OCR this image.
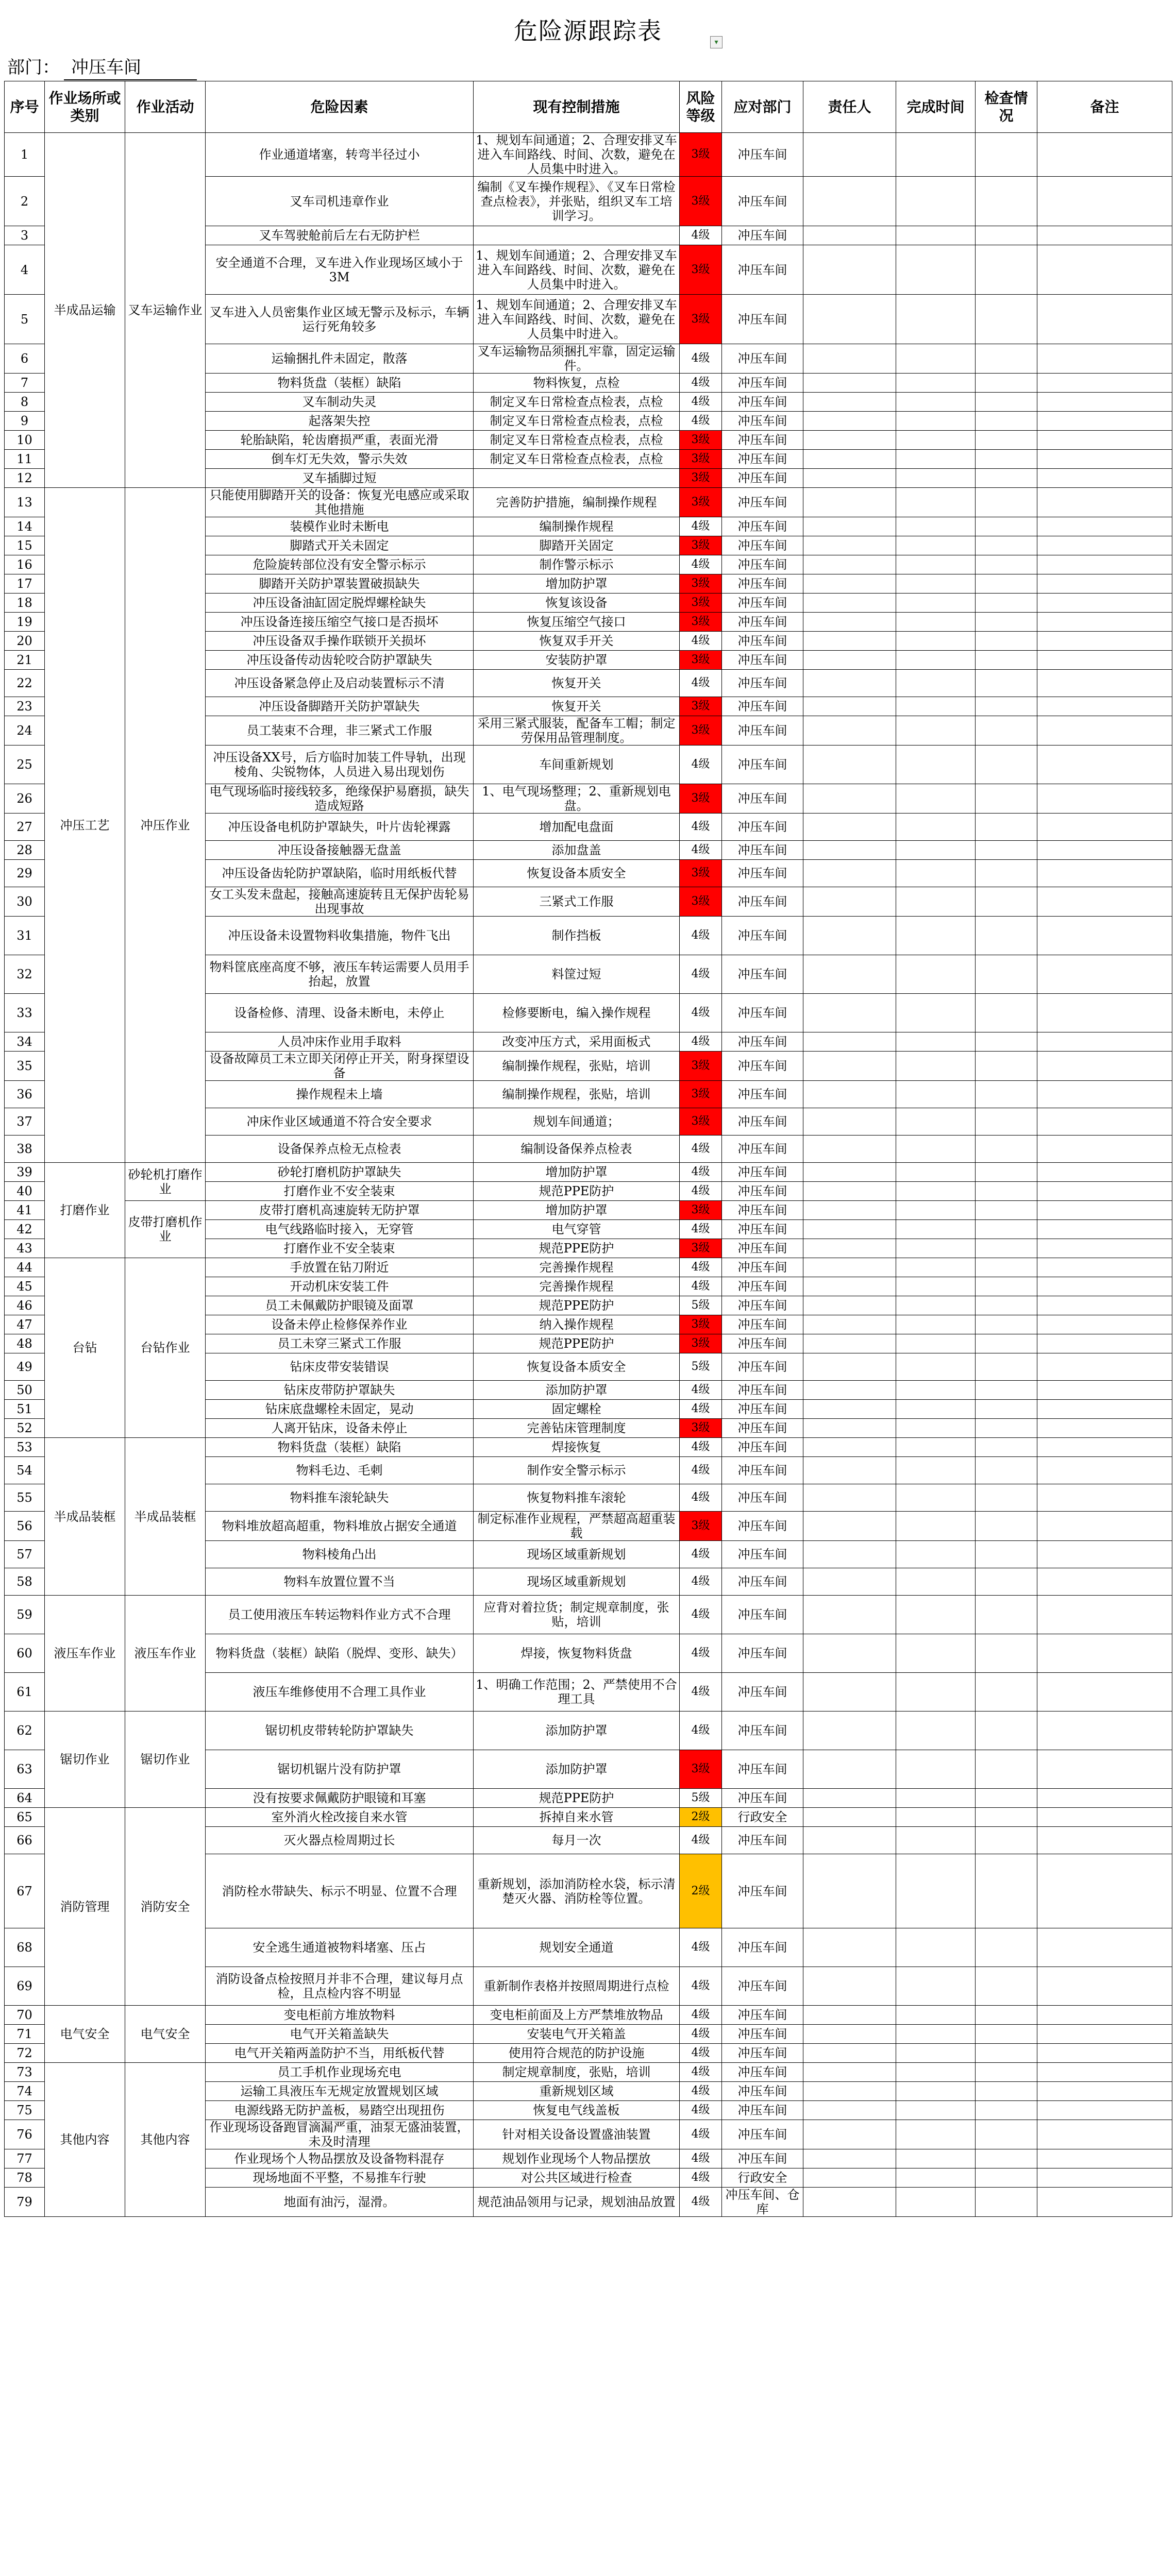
危险源跟踪表	▾
部门： 冲压车间
序号	作业场所或类别	作业活动	危险因素	现有控制措施	风险等级	应对部门	责任人	完成时间	检查情况	备注
1	半成品运输	叉车运输作业	作业通道堵塞，转弯半径过小	1、规划车间通道；2、合理安排叉车进入车间路线、时间、次数，避免在人员集中时进入。	3级	冲压车间				
2			叉车司机违章作业	编制《叉车操作规程》、《叉车日常检查点检表》，并张贴，组织叉车工培训学习。	3级	冲压车间				
3			叉车驾驶舱前后左右无防护栏		4级	冲压车间				
4			安全通道不合理，叉车进入作业现场区域小于3M	1、规划车间通道；2、合理安排叉车进入车间路线、时间、次数，避免在人员集中时进入。	3级	冲压车间				
5			叉车进入人员密集作业区域无警示及标示，车辆运行死角较多	1、规划车间通道；2、合理安排叉车进入车间路线、时间、次数，避免在人员集中时进入。	3级	冲压车间				
6			运输捆扎件未固定，散落	叉车运输物品须捆扎牢靠，固定运输件。	4级	冲压车间				
7			物料货盘（装框）缺陷	物料恢复，点检	4级	冲压车间				
8			叉车制动失灵	制定叉车日常检查点检表，点检	4级	冲压车间				
9			起落架失控	制定叉车日常检查点检表，点检	4级	冲压车间				
10			轮胎缺陷，轮齿磨损严重，表面光滑	制定叉车日常检查点检表，点检	3级	冲压车间				
11			倒车灯无失效，警示失效	制定叉车日常检查点检表，点检	3级	冲压车间				
12			叉车插脚过短		3级	冲压车间				
13	冲压工艺	冲压作业	只能使用脚踏开关的设备：恢复光电感应或采取其他措施	完善防护措施，编制操作规程	3级	冲压车间				
14			装模作业时未断电	编制操作规程	4级	冲压车间				
15			脚踏式开关未固定	脚踏开关固定	3级	冲压车间				
16			危险旋转部位没有安全警示标示	制作警示标示	4级	冲压车间				
17			脚踏开关防护罩装置破损缺失	增加防护罩	3级	冲压车间				
18			冲压设备油缸固定脱焊螺栓缺失	恢复该设备	3级	冲压车间				
19			冲压设备连接压缩空气接口是否损坏	恢复压缩空气接口	3级	冲压车间				
20			冲压设备双手操作联锁开关损坏	恢复双手开关	4级	冲压车间				
21			冲压设备传动齿轮咬合防护罩缺失	安装防护罩	3级	冲压车间				
22			冲压设备紧急停止及启动装置标示不清	恢复开关	4级	冲压车间				
23			冲压设备脚踏开关防护罩缺失	恢复开关	3级	冲压车间				
24			员工装束不合理，非三紧式工作服	采用三紧式服装，配备车工帽；制定劳保用品管理制度。	3级	冲压车间				
25			冲压设备XX号，后方临时加装工件导轨，出现棱角、尖锐物体，人员进入易出现划伤	车间重新规划	4级	冲压车间				
26			电气现场临时接线较多，绝缘保护易磨损，缺失造成短路	1、电气现场整理；2、重新规划电盘。	3级	冲压车间				
27			冲压设备电机防护罩缺失，叶片齿轮裸露	增加配电盘面	4级	冲压车间				
28			冲压设备接触器无盘盖	添加盘盖	4级	冲压车间				
29			冲压设备齿轮防护罩缺陷，临时用纸板代替	恢复设备本质安全	3级	冲压车间				
30			女工头发未盘起，接触高速旋转且无保护齿轮易出现事故	三紧式工作服	3级	冲压车间				
31			冲压设备未设置物料收集措施，物件飞出	制作挡板	4级	冲压车间				
32			物料筐底座高度不够，液压车转运需要人员用手抬起，放置	料筐过短	4级	冲压车间				
33			设备检修、清理、设备未断电，未停止	检修要断电，编入操作规程	4级	冲压车间				
34			人员冲床作业用手取料	改变冲压方式，采用面板式	4级	冲压车间				
35			设备故障员工未立即关闭停止开关，附身探望设备	编制操作规程，张贴，培训	3级	冲压车间				
36			操作规程未上墙	编制操作规程，张贴，培训	3级	冲压车间				
37			冲床作业区域通道不符合安全要求	规划车间通道；	3级	冲压车间				
38			设备保养点检无点检表	编制设备保养点检表	4级	冲压车间				
39	打磨作业	砂轮机打磨作业	砂轮打磨机防护罩缺失	增加防护罩	4级	冲压车间				
40			打磨作业不安全装束	规范PPE防护	4级	冲压车间				
41		皮带打磨机作业	皮带打磨机高速旋转无防护罩	增加防护罩	3级	冲压车间				
42			电气线路临时接入，无穿管	电气穿管	4级	冲压车间				
43			打磨作业不安全装束	规范PPE防护	3级	冲压车间				
44	台钻	台钻作业	手放置在钻刀附近	完善操作规程	4级	冲压车间				
45			开动机床安装工件	完善操作规程	4级	冲压车间				
46			员工未佩戴防护眼镜及面罩	规范PPE防护	5级	冲压车间				
47			设备未停止检修保养作业	纳入操作规程	3级	冲压车间				
48			员工未穿三紧式工作服	规范PPE防护	3级	冲压车间				
49			钻床皮带安装错误	恢复设备本质安全	5级	冲压车间				
50			钻床皮带防护罩缺失	添加防护罩	4级	冲压车间				
51			钻床底盘螺栓未固定，晃动	固定螺栓	4级	冲压车间				
52			人离开钻床，设备未停止	完善钻床管理制度	3级	冲压车间				
53	半成品装框	半成品装框	物料货盘（装框）缺陷	焊接恢复	4级	冲压车间				
54			物料毛边、毛刺	制作安全警示标示	4级	冲压车间				
55			物料推车滚轮缺失	恢复物料推车滚轮	4级	冲压车间				
56			物料堆放超高超重，物料堆放占据安全通道	制定标准作业规程，严禁超高超重装载	3级	冲压车间				
57			物料棱角凸出	现场区域重新规划	4级	冲压车间				
58			物料车放置位置不当	现场区域重新规划	4级	冲压车间				
59	液压车作业	液压车作业	员工使用液压车转运物料作业方式不合理	应背对着拉货；制定规章制度，张贴，培训	4级	冲压车间				
60			物料货盘（装框）缺陷（脱焊、变形、缺失）	焊接，恢复物料货盘	4级	冲压车间				
61			液压车维修使用不合理工具作业	1、明确工作范围；2、严禁使用不合理工具	4级	冲压车间				
62	锯切作业	锯切作业	锯切机皮带转轮防护罩缺失	添加防护罩	4级	冲压车间				
63			锯切机锯片没有防护罩	添加防护罩	3级	冲压车间				
64			没有按要求佩戴防护眼镜和耳塞	规范PPE防护	5级	冲压车间				
65	消防管理	消防安全	室外消火栓改接自来水管	拆掉自来水管	2级	行政安全				
66			灭火器点检周期过长	每月一次	4级	冲压车间				
67			消防栓水带缺失、标示不明显、位置不合理	重新规划，添加消防栓水袋，标示清楚灭火器、消防栓等位置。	2级	冲压车间				
68			安全逃生通道被物料堵塞、压占	规划安全通道	4级	冲压车间				
69			消防设备点检按照月并非不合理，建议每月点检，且点检内容不明显	重新制作表格并按照周期进行点检	4级	冲压车间				
70	电气安全	电气安全	变电柜前方堆放物料	变电柜前面及上方严禁堆放物品	4级	冲压车间				
71			电气开关箱盖缺失	安装电气开关箱盖	4级	冲压车间				
72			电气开关箱两盖防护不当，用纸板代替	使用符合规范的防护设施	4级	冲压车间				
73	其他内容	其他内容	员工手机作业现场充电	制定规章制度，张贴，培训	4级	冲压车间				
74			运输工具液压车无规定放置规划区域	重新规划区域	4级	冲压车间				
75			电源线路无防护盖板，易踏空出现扭伤	恢复电气线盖板	4级	冲压车间				
76			作业现场设备跑冒滴漏严重，油泵无盛油装置，未及时清理	针对相关设备设置盛油装置	4级	冲压车间				
77			作业现场个人物品摆放及设备物料混存	规划作业现场个人物品摆放	4级	冲压车间				
78			现场地面不平整，不易推车行驶	对公共区域进行检查	4级	行政安全				
79			地面有油污，湿滑。	规范油品领用与记录，规划油品放置	4级	冲压车间、仓库				
